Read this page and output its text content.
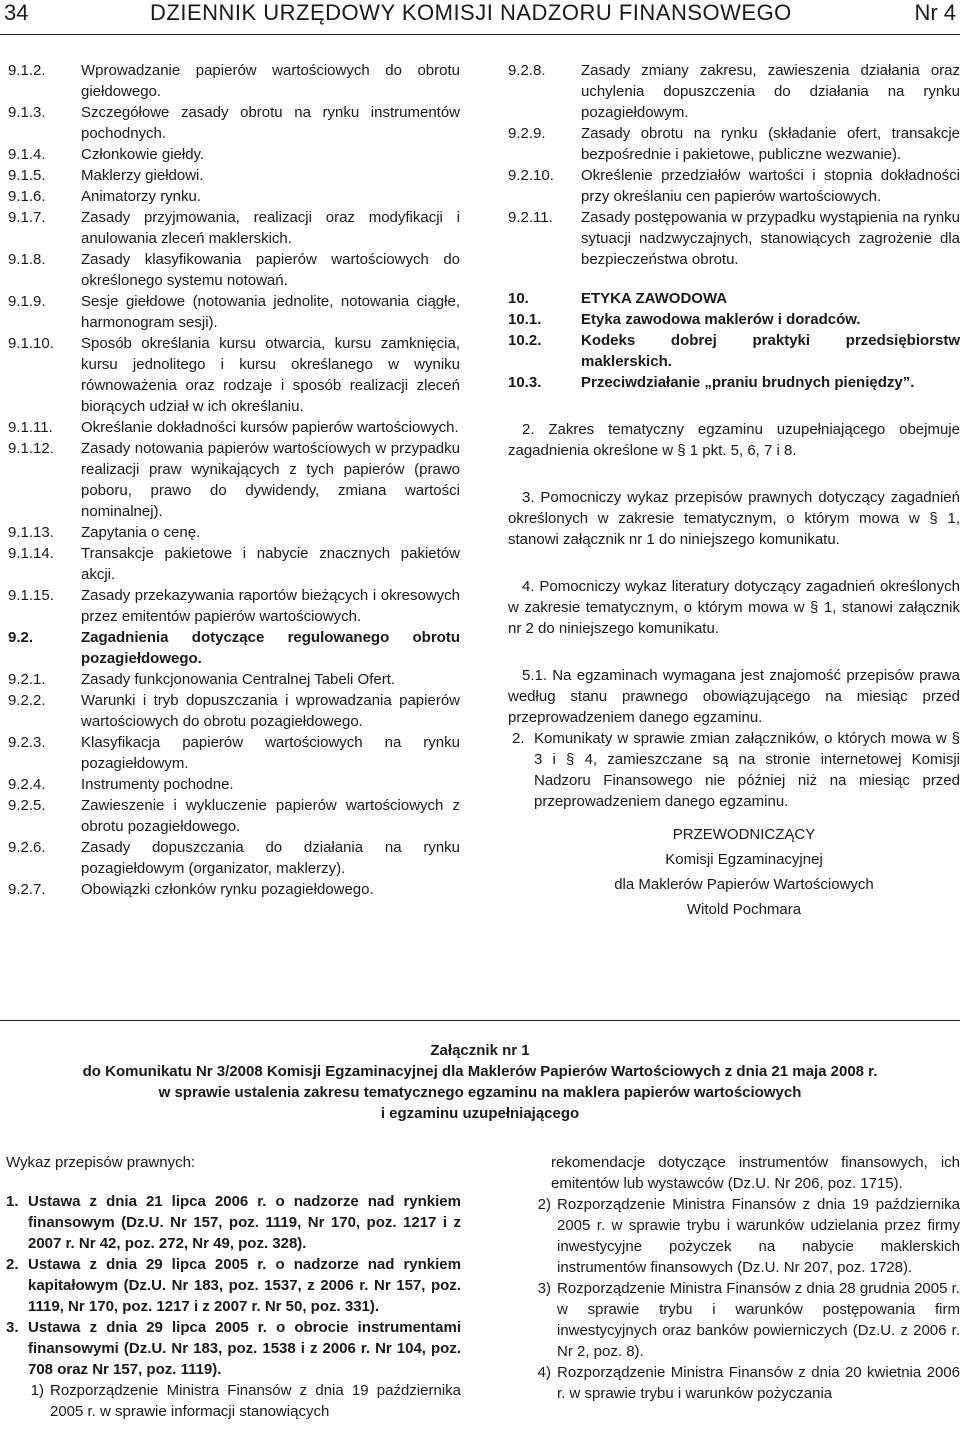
34	DZIENNIK URZĘDOWY KOMISJI NADZORU FINANSOWEGO	Nr 4
9.1.2.	Wprowadzanie papierów wartościowych do obrotu giełdowego.
9.1.3.	Szczegółowe zasady obrotu na rynku instrumentów pochodnych.
9.1.4.	Członkowie giełdy.
9.1.5.	Maklerzy giełdowi.
9.1.6.	Animatorzy rynku.
9.1.7.	Zasady przyjmowania, realizacji oraz modyfikacji i anulowania zleceń maklerskich.
9.1.8.	Zasady klasyfikowania papierów wartościowych do określonego systemu notowań.
9.1.9.	Sesje giełdowe (notowania jednolite, notowania ciągłe, harmonogram sesji).
9.1.10.	Sposób określania kursu otwarcia, kursu zamknięcia, kursu jednolitego i kursu określanego w wyniku równoważenia oraz rodzaje i sposób realizacji zleceń biorących udział w ich określaniu.
9.1.11.	Określanie dokładności kursów papierów wartościowych.
9.1.12.	Zasady notowania papierów wartościowych w przypadku realizacji praw wynikających z tych papierów (prawo poboru, prawo do dywidendy, zmiana wartości nominalnej).
9.1.13.	Zapytania o cenę.
9.1.14.	Transakcje pakietowe i nabycie znacznych pakietów akcji.
9.1.15.	Zasady przekazywania raportów bieżących i okresowych przez emitentów papierów wartościowych.
9.2.	Zagadnienia dotyczące regulowanego obrotu pozagiełdowego.
9.2.1.	Zasady funkcjonowania Centralnej Tabeli Ofert.
9.2.2.	Warunki i tryb dopuszczania i wprowadzania papierów wartościowych do obrotu pozagiełdowego.
9.2.3.	Klasyfikacja papierów wartościowych na rynku pozagiełdowym.
9.2.4.	Instrumenty pochodne.
9.2.5.	Zawieszenie i wykluczenie papierów wartościowych z obrotu pozagiełdowego.
9.2.6.	Zasady dopuszczania do działania na rynku pozagiełdowym (organizator, maklerzy).
9.2.7.	Obowiązki członków rynku pozagiełdowego.
9.2.8.	Zasady zmiany zakresu, zawieszenia działania oraz uchylenia dopuszczenia do działania na rynku pozagiełdowym.
9.2.9.	Zasady obrotu na rynku (składanie ofert, transakcje bezpośrednie i pakietowe, publiczne wezwanie).
9.2.10.	Określenie przedziałów wartości i stopnia dokładności przy określaniu cen papierów wartościowych.
9.2.11.	Zasady postępowania w przypadku wystąpienia na rynku sytuacji nadzwyczajnych, stanowiących zagrożenie dla bezpieczeństwa obrotu.
10.	ETYKA ZAWODOWA
10.1.	Etyka zawodowa maklerów i doradców.
10.2.	Kodeks dobrej praktyki przedsiębiorstw maklerskich.
10.3.	Przeciwdziałanie „praniu brudnych pieniędzy”.
2. Zakres tematyczny egzaminu uzupełniającego obejmuje zagadnienia określone w § 1 pkt. 5, 6, 7 i 8.
3. Pomocniczy wykaz przepisów prawnych dotyczący zagadnień określonych w zakresie tematycznym, o którym mowa w § 1, stanowi załącznik nr 1 do niniejszego komunikatu.
4. Pomocniczy wykaz literatury dotyczący zagadnień określonych w zakresie tematycznym, o którym mowa w § 1, stanowi załącznik nr 2 do niniejszego komunikatu.
5.1. Na egzaminach wymagana jest znajomość przepisów prawa według stanu prawnego obowiązującego na miesiąc przed przeprowadzeniem danego egzaminu.
2. Komunikaty w sprawie zmian załączników, o których mowa w § 3 i § 4, zamieszczane są na stronie internetowej Komisji Nadzoru Finansowego nie później niż na miesiąc przed przeprowadzeniem danego egzaminu.
PRZEWODNICZĄCY
Komisji Egzaminacyjnej
dla Maklerów Papierów Wartościowych
Witold Pochmara
Załącznik nr 1
do Komunikatu Nr 3/2008 Komisji Egzaminacyjnej dla Maklerów Papierów Wartościowych z dnia 21 maja 2008 r.
w sprawie ustalenia zakresu tematycznego egzaminu na maklera papierów wartościowych
i egzaminu uzupełniającego
Wykaz przepisów prawnych:
1. Ustawa z dnia 21 lipca 2006 r. o nadzorze nad rynkiem finansowym (Dz.U. Nr 157, poz. 1119, Nr 170, poz. 1217 i z 2007 r. Nr 42, poz. 272, Nr 49, poz. 328).
2. Ustawa z dnia 29 lipca 2005 r. o nadzorze nad rynkiem kapitałowym (Dz.U. Nr 183, poz. 1537, z 2006 r. Nr 157, poz. 1119, Nr 170, poz. 1217 i z 2007 r. Nr 50, poz. 331).
3. Ustawa z dnia 29 lipca 2005 r. o obrocie instrumentami finansowymi (Dz.U. Nr 183, poz. 1538 i z 2006 r. Nr 104, poz. 708 oraz Nr 157, poz. 1119).
1) Rozporządzenie Ministra Finansów z dnia 19 października 2005 r. w sprawie informacji stanowiących
rekomendacje dotyczące instrumentów finansowych, ich emitentów lub wystawców (Dz.U. Nr 206, poz. 1715).
2) Rozporządzenie Ministra Finansów z dnia 19 października 2005 r. w sprawie trybu i warunków udzielania przez firmy inwestycyjne pożyczek na nabycie maklerskich instrumentów finansowych (Dz.U. Nr 207, poz. 1728).
3) Rozporządzenie Ministra Finansów z dnia 28 grudnia 2005 r. w sprawie trybu i warunków postępowania firm inwestycyjnych oraz banków powierniczych (Dz.U. z 2006 r. Nr 2, poz. 8).
4) Rozporządzenie Ministra Finansów z dnia 20 kwietnia 2006 r. w sprawie trybu i warunków pożyczania
